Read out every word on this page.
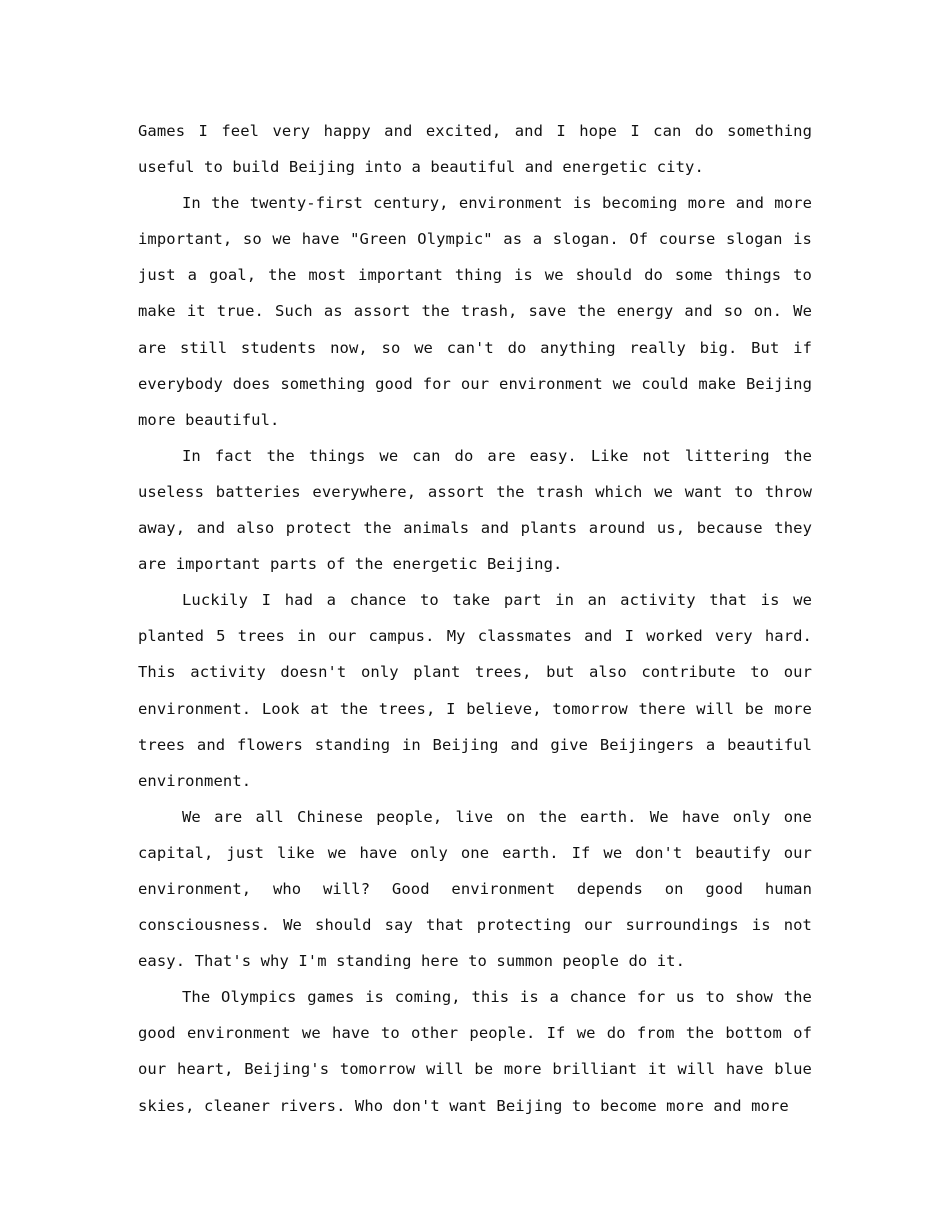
Games I feel very happy and excited, and I hope I can do something useful to build Beijing into a beautiful and energetic city.

In the twenty-first century, environment is becoming more and more important, so we have "Green Olympic" as a slogan. Of course slogan is just a goal, the most important thing is we should do some things to make it true. Such as assort the trash, save the energy and so on. We are still students now, so we can't do anything really big. But if everybody does something good for our environment we could make Beijing more beautiful.

In fact the things we can do are easy. Like not littering the useless batteries everywhere, assort the trash which we want to throw away, and also protect the animals and plants around us, because they are important parts of the energetic Beijing.

Luckily I had a chance to take part in an activity that is we planted 5 trees in our campus. My classmates and I worked very hard. This activity doesn't only plant trees, but also contribute to our environment. Look at the trees, I believe, tomorrow there will be more trees and flowers standing in Beijing and give Beijingers a beautiful environment.

We are all Chinese people, live on the earth. We have only one capital, just like we have only one earth. If we don't beautify our environment, who will? Good environment depends on good human consciousness. We should say that protecting our surroundings is not easy. That's why I'm standing here to summon people do it.

The Olympics games is coming, this is a chance for us to show the good environment we have to other people. If we do from the bottom of our heart, Beijing's tomorrow will be more brilliant it will have blue skies, cleaner rivers. Who don't want Beijing to become more and more
